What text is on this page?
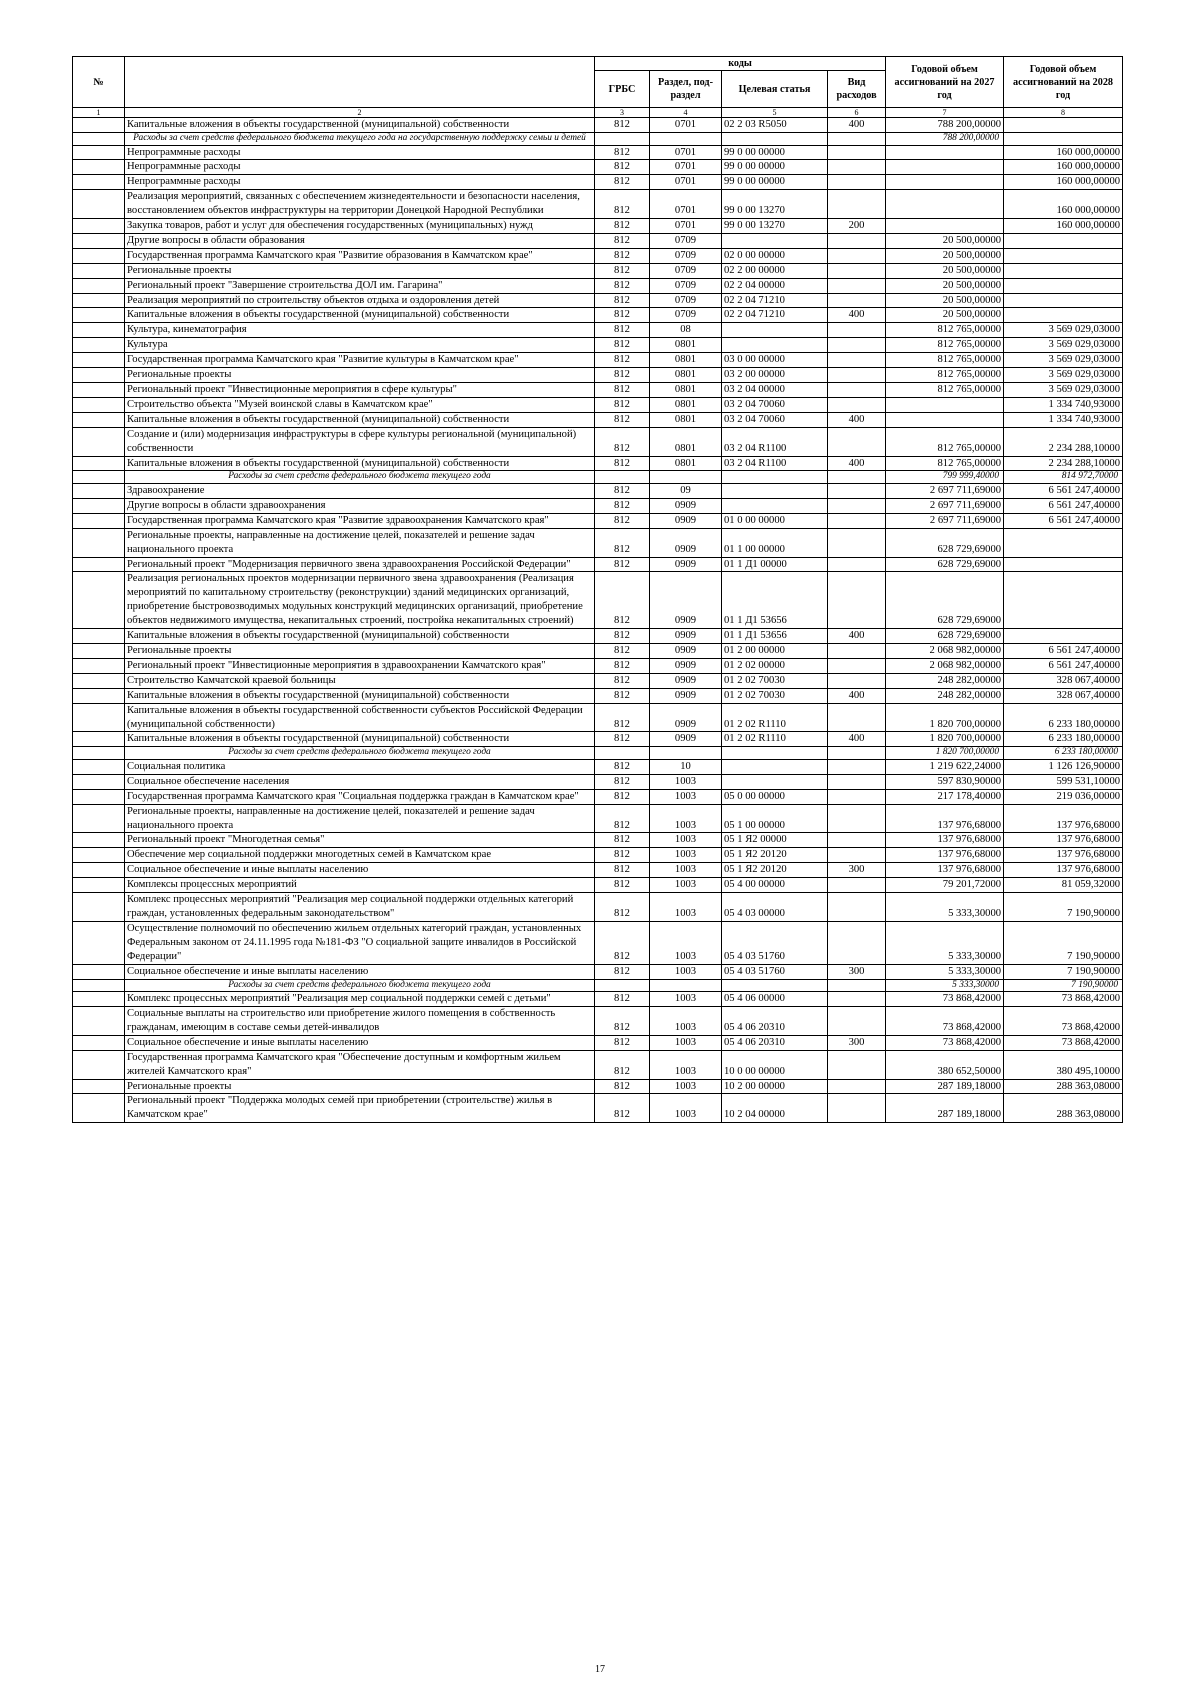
№		коды				Годовой объем ассигнований на 2027 год	Годовой объем ассигнований на 2028 год
		ГРБС	Раздел, под-раздел	Целевая статья	Вид расходов		
1	2	3	4	5	6	7	8
	Капитальные вложения в объекты государственной (муниципальной) собственности	812	0701	02 2 03 R5050	400	788 200,00000	
	Расходы за счет средств федерального бюджета текущего года на государственную поддержку семьи и детей					788 200,00000	
	Непрограммные расходы	812	0701	99 0 00 00000			160 000,00000
	Непрограммные расходы	812	0701	99 0 00 00000			160 000,00000
	Непрограммные расходы	812	0701	99 0 00 00000			160 000,00000
	Реализация мероприятий, связанных с обеспечением жизнедеятельности и безопасности населения, восстановлением объектов инфраструктуры на территории Донецкой Народной Республики	812	0701	99 0 00 13270			160 000,00000
	Закупка товаров, работ и услуг для обеспечения государственных (муниципальных) нужд	812	0701	99 0 00 13270	200		160 000,00000
	Другие вопросы в области образования	812	0709			20 500,00000	
	Государственная программа Камчатского края "Развитие образования в Камчатском крае"	812	0709	02 0 00 00000		20 500,00000	
	Региональные проекты	812	0709	02 2 00 00000		20 500,00000	
	Региональный проект "Завершение строительства ДОЛ им. Гагарина"	812	0709	02 2 04 00000		20 500,00000	
	Реализация мероприятий по строительству объектов отдыха и оздоровления детей	812	0709	02 2 04 71210		20 500,00000	
	Капитальные вложения в объекты государственной (муниципальной) собственности	812	0709	02 2 04 71210	400	20 500,00000	
	Культура, кинематография	812	08			812 765,00000	3 569 029,03000
	Культура	812	0801			812 765,00000	3 569 029,03000
	Государственная программа Камчатского края "Развитие культуры в Камчатском крае"	812	0801	03 0 00 00000		812 765,00000	3 569 029,03000
	Региональные проекты	812	0801	03 2 00 00000		812 765,00000	3 569 029,03000
	Региональный проект "Инвестиционные мероприятия в сфере культуры"	812	0801	03 2 04 00000		812 765,00000	3 569 029,03000
	Строительство объекта "Музей воинской славы в Камчатском крае"	812	0801	03 2 04 70060			1 334 740,93000
	Капитальные вложения в объекты государственной (муниципальной) собственности	812	0801	03 2 04 70060	400		1 334 740,93000
	Создание и (или) модернизация инфраструктуры в сфере культуры региональной (муниципальной) собственности	812	0801	03 2 04 R1100		812 765,00000	2 234 288,10000
	Капитальные вложения в объекты государственной (муниципальной) собственности	812	0801	03 2 04 R1100	400	812 765,00000	2 234 288,10000
	Расходы за счет средств федерального бюджета текущего года					799 999,40000	814 972,70000
	Здравоохранение	812	09			2 697 711,69000	6 561 247,40000
	Другие вопросы в области здравоохранения	812	0909			2 697 711,69000	6 561 247,40000
	Государственная программа Камчатского края "Развитие здравоохранения Камчатского края"	812	0909	01 0 00 00000		2 697 711,69000	6 561 247,40000
	Региональные проекты, направленные на достижение целей, показателей и решение задач национального проекта	812	0909	01 1 00 00000		628 729,69000	
	Региональный проект "Модернизация первичного звена здравоохранения Российской Федерации"	812	0909	01 1 Д1 00000		628 729,69000	
	Реализация региональных проектов модернизации первичного звена здравоохранения (Реализация мероприятий по капитальному строительству (реконструкции) зданий медицинских организаций, приобретение быстровозводимых модульных конструкций медицинских организаций, приобретение объектов недвижимого имущества, некапитальных строений, постройка некапитальных строений)	812	0909	01 1 Д1 53656		628 729,69000	
	Капитальные вложения в объекты государственной (муниципальной) собственности	812	0909	01 1 Д1 53656	400	628 729,69000	
	Региональные проекты	812	0909	01 2 00 00000		2 068 982,00000	6 561 247,40000
	Региональный проект "Инвестиционные мероприятия в здравоохранении Камчатского края"	812	0909	01 2 02 00000		2 068 982,00000	6 561 247,40000
	Строительство Камчатской краевой больницы	812	0909	01 2 02 70030		248 282,00000	328 067,40000
	Капитальные вложения в объекты государственной (муниципальной) собственности	812	0909	01 2 02 70030	400	248 282,00000	328 067,40000
	Капитальные вложения в объекты государственной собственности субъектов Российской Федерации (муниципальной собственности)	812	0909	01 2 02 R1110		1 820 700,00000	6 233 180,00000
	Капитальные вложения в объекты государственной (муниципальной) собственности	812	0909	01 2 02 R1110	400	1 820 700,00000	6 233 180,00000
	Расходы за счет средств федерального бюджета текущего года					1 820 700,00000	6 233 180,00000
	Социальная политика	812	10			1 219 622,24000	1 126 126,90000
	Социальное обеспечение населения	812	1003			597 830,90000	599 531,10000
	Государственная программа Камчатского края "Социальная поддержка граждан в Камчатском крае"	812	1003	05 0 00 00000		217 178,40000	219 036,00000
	Региональные проекты, направленные на достижение целей, показателей и решение задач национального проекта	812	1003	05 1 00 00000		137 976,68000	137 976,68000
	Региональный проект "Многодетная семья"	812	1003	05 1 Я2 00000		137 976,68000	137 976,68000
	Обеспечение мер социальной поддержки многодетных семей в Камчатском крае	812	1003	05 1 Я2 20120		137 976,68000	137 976,68000
	Социальное обеспечение и иные выплаты населению	812	1003	05 1 Я2 20120	300	137 976,68000	137 976,68000
	Комплексы процессных мероприятий	812	1003	05 4 00 00000		79 201,72000	81 059,32000
	Комплекс процессных мероприятий "Реализация мер социальной поддержки отдельных категорий граждан, установленных федеральным законодательством"	812	1003	05 4 03 00000		5 333,30000	7 190,90000
	Осуществление полномочий по обеспечению жильем отдельных категорий граждан, установленных Федеральным законом от 24.11.1995 года №181-ФЗ "О социальной защите инвалидов в Российской Федерации"	812	1003	05 4 03 51760		5 333,30000	7 190,90000
	Социальное обеспечение и иные выплаты населению	812	1003	05 4 03 51760	300	5 333,30000	7 190,90000
	Расходы за счет средств федерального бюджета текущего года					5 333,30000	7 190,90000
	Комплекс процессных мероприятий "Реализация мер социальной поддержки семей с детьми"	812	1003	05 4 06 00000		73 868,42000	73 868,42000
	Социальные выплаты на строительство или приобретение жилого помещения в собственность гражданам, имеющим в составе семьи детей-инвалидов	812	1003	05 4 06 20310		73 868,42000	73 868,42000
	Социальное обеспечение и иные выплаты населению	812	1003	05 4 06 20310	300	73 868,42000	73 868,42000
	Государственная программа Камчатского края "Обеспечение доступным и комфортным жильем жителей Камчатского края"	812	1003	10 0 00 00000		380 652,50000	380 495,10000
	Региональные проекты	812	1003	10 2 00 00000		287 189,18000	288 363,08000
	Региональный проект "Поддержка молодых семей при приобретении (строительстве) жилья в Камчатском крае"	812	1003	10 2 04 00000		287 189,18000	288 363,08000
17
